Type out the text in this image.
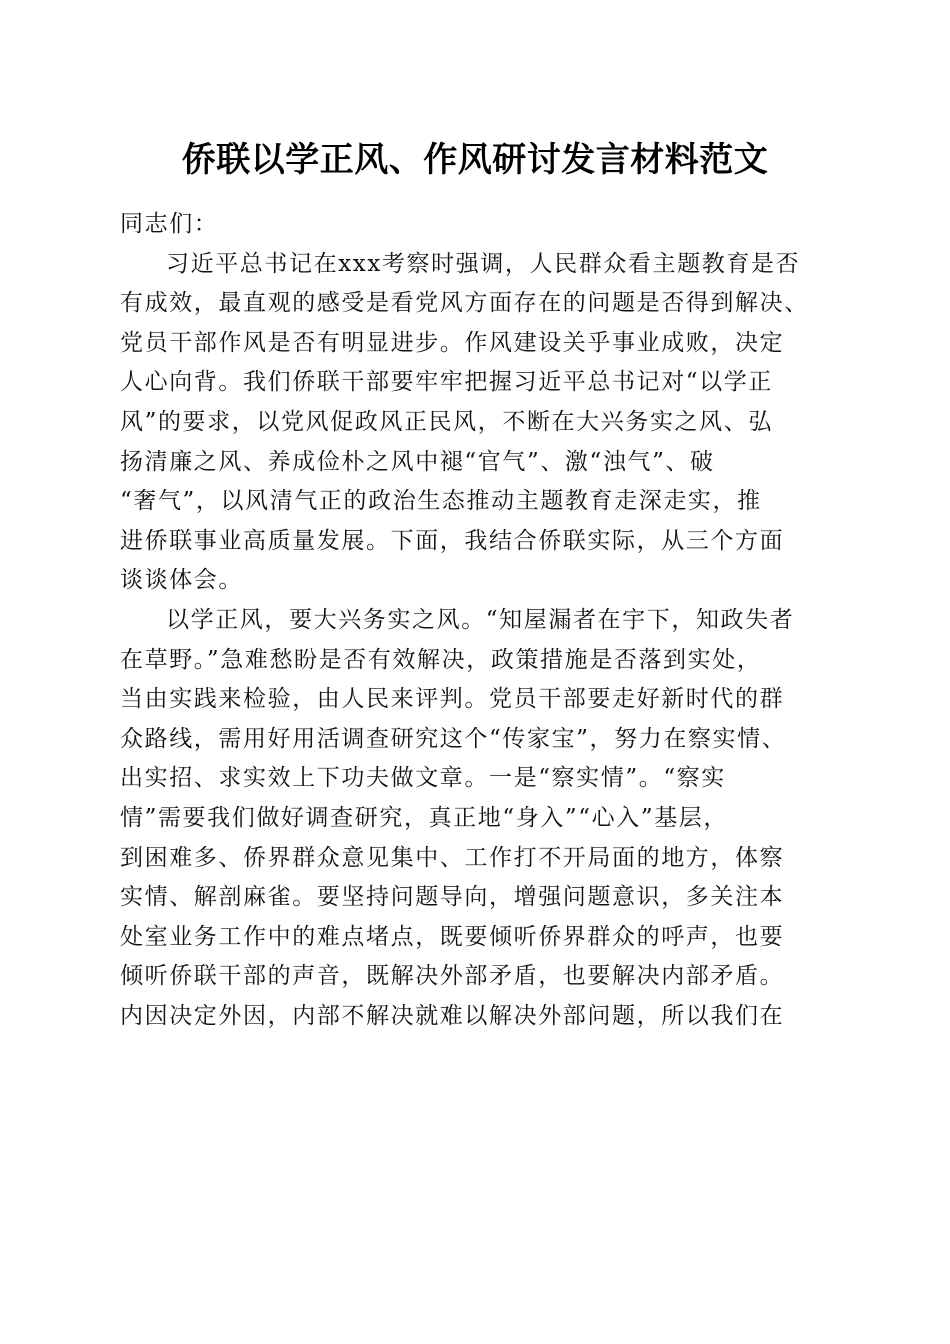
侨联以学正风、作风研讨发言材料范文

同志们：

习近平总书记在xxx考察时强调，人民群众看主题教育是否
有成效，最直观的感受是看党风方面存在的问题是否得到解决、
党员干部作风是否有明显进步。作风建设关乎事业成败，决定
人心向背。我们侨联干部要牢牢把握习近平总书记对“以学正
风”的要求，以党风促政风正民风，不断在大兴务实之风、弘
扬清廉之风、养成俭朴之风中褪“官气”、激“浊气”、破
“奢气”，以风清气正的政治生态推动主题教育走深走实，推
进侨联事业高质量发展。下面，我结合侨联实际，从三个方面
谈谈体会。

以学正风，要大兴务实之风。“知屋漏者在宇下，知政失者
在草野。”急难愁盼是否有效解决，政策措施是否落到实处，
当由实践来检验，由人民来评判。党员干部要走好新时代的群
众路线，需用好用活调查研究这个“传家宝”，努力在察实情、
出实招、求实效上下功夫做文章。一是“察实情”。“察实
情”需要我们做好调查研究，真正地“身入”“心入”基层，
到困难多、侨界群众意见集中、工作打不开局面的地方，体察
实情、解剖麻雀。要坚持问题导向，增强问题意识，多关注本
处室业务工作中的难点堵点，既要倾听侨界群众的呼声，也要
倾听侨联干部的声音，既解决外部矛盾，也要解决内部矛盾。
内因决定外因，内部不解决就难以解决外部问题，所以我们在
